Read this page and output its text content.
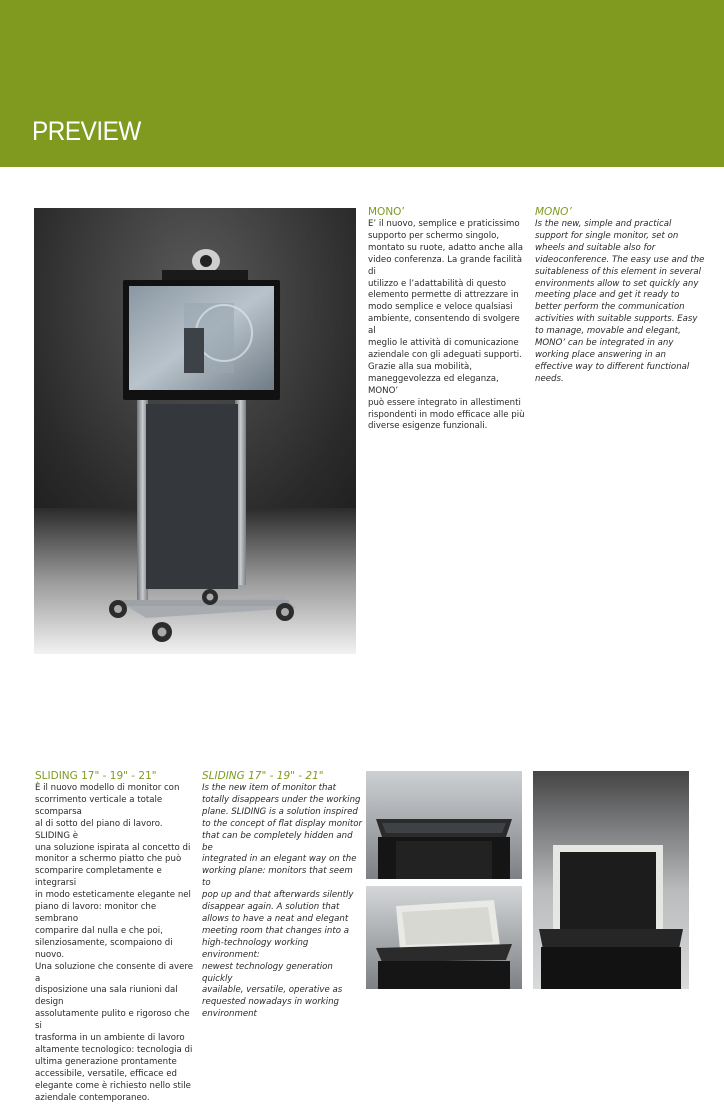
PREVIEW
MONO’
E’ il nuovo, semplice e praticissimo
supporto per schermo singolo,
montato su ruote, adatto anche alla
video conferenza. La grande facilità di
utilizzo e l’adattabilità di questo
elemento permette di attrezzare in
modo semplice e veloce qualsiasi
ambiente, consentendo di svolgere al
meglio le attività di comunicazione
aziendale con gli adeguati supporti.
Grazie alla sua mobilità,
maneggevolezza ed eleganza, MONO’
può essere integrato in allestimenti
rispondenti in modo efficace alle più
diverse esigenze funzionali.
MONO’
Is the new, simple and practical
support for single monitor, set on
wheels and suitable also for
videoconference. The easy use and the
suitableness of this element in several
environments allow to set quickly any
meeting place and get it ready to
better perform the communication
activities with suitable supports. Easy
to manage, movable and elegant,
MONO’ can be integrated in any
working place answering in an
effective way to different functional
needs.
SLIDING 17" - 19" - 21"
È il nuovo modello di monitor con
scorrimento verticale a totale scomparsa
al di sotto del piano di lavoro. SLIDING è
una soluzione ispirata al concetto di
monitor a schermo piatto che può
scomparire completamente e integrarsi
in modo esteticamente elegante nel
piano di lavoro: monitor che sembrano
comparire dal nulla e che poi,
silenziosamente, scompaiono di nuovo.
Una soluzione che consente di avere a
disposizione una sala riunioni dal design
assolutamente pulito e rigoroso che si
trasforma in un ambiente di lavoro
altamente tecnologico: tecnologia di
ultima generazione prontamente
accessibile, versatile, efficace ed
elegante come è richiesto nello stile
aziendale contemporaneo.
SLIDING 17" - 19" - 21"
Is the new item of monitor that
totally disappears under the working
plane. SLIDING is a solution inspired
to the concept of flat display monitor
that can be completely hidden and be
integrated in an elegant way on the
working plane: monitors that seem to
pop up and that afterwards silently
disappear again. A solution that
allows to have a neat and elegant
meeting room that changes into a
high-technology working environment:
newest technology generation quickly
available, versatile, operative as
requested nowadays in working
environment
